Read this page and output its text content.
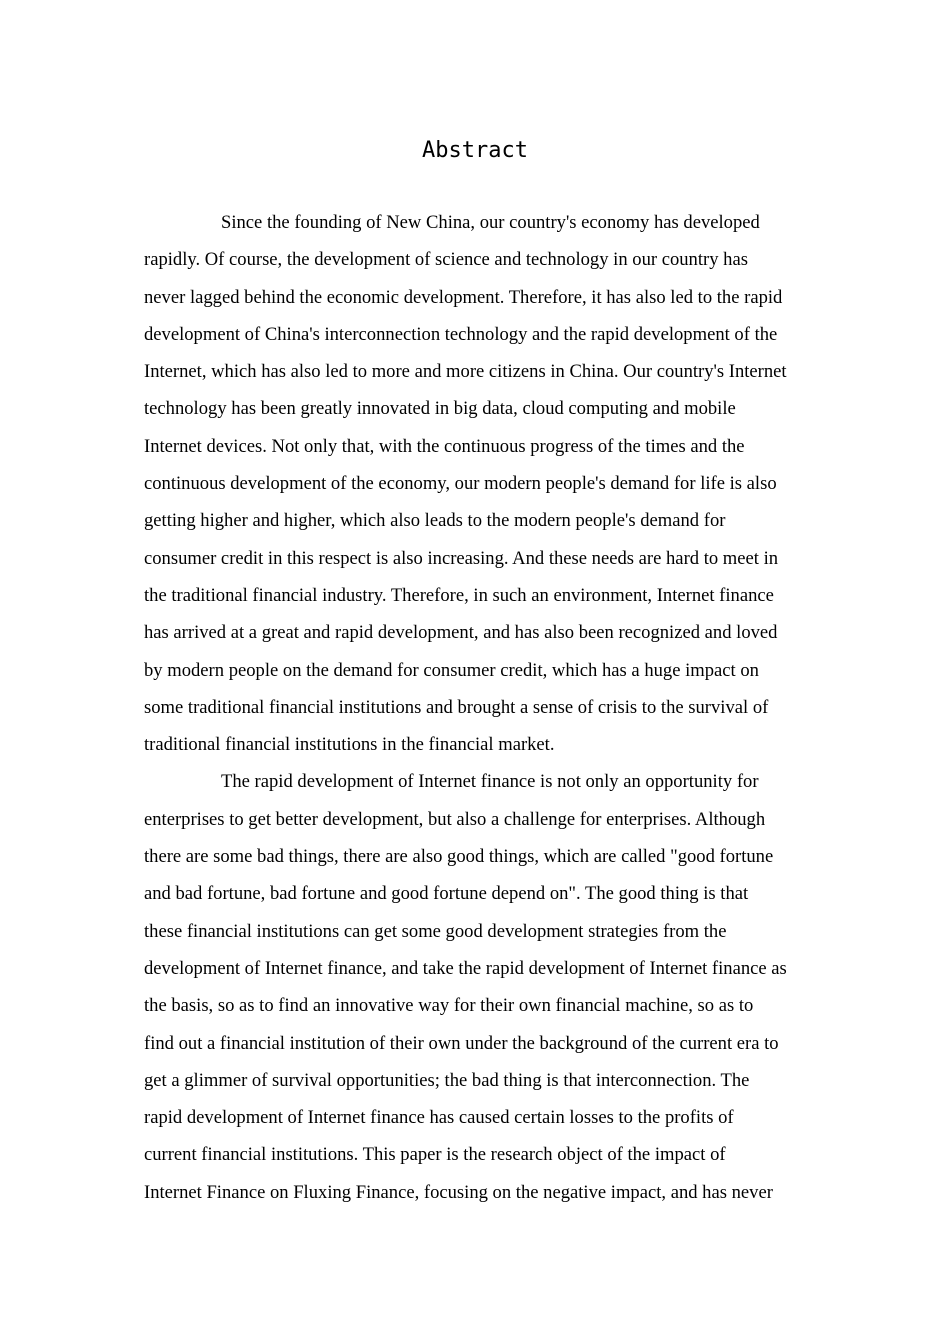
Abstract
Since the founding of New China, our country's economy has developed
rapidly. Of course, the development of science and technology in our country has
never lagged behind the economic development. Therefore, it has also led to the rapid
development of China's interconnection technology and the rapid development of the
Internet, which has also led to more and more citizens in China. Our country's Internet
technology has been greatly innovated in big data, cloud computing and mobile
Internet devices. Not only that, with the continuous progress of the times and the
continuous development of the economy, our modern people's demand for life is also
getting higher and higher, which also leads to the modern people's demand for
consumer credit in this respect is also increasing. And these needs are hard to meet in
the traditional financial industry. Therefore, in such an environment, Internet finance
has arrived at a great and rapid development, and has also been recognized and loved
by modern people on the demand for consumer credit, which has a huge impact on
some traditional financial institutions and brought a sense of crisis to the survival of
traditional financial institutions in the financial market.
The rapid development of Internet finance is not only an opportunity for
enterprises to get better development, but also a challenge for enterprises. Although
there are some bad things, there are also good things, which are called "good fortune
and bad fortune, bad fortune and good fortune depend on". The good thing is that
these financial institutions can get some good development strategies from the
development of Internet finance, and take the rapid development of Internet finance as
the basis, so as to find an innovative way for their own financial machine, so as to
find out a financial institution of their own under the background of the current era to
get a glimmer of survival opportunities; the bad thing is that interconnection. The
rapid development of Internet finance has caused certain losses to the profits of
current financial institutions. This paper is the research object of the impact of
Internet Finance on Fluxing Finance, focusing on the negative impact, and has never
